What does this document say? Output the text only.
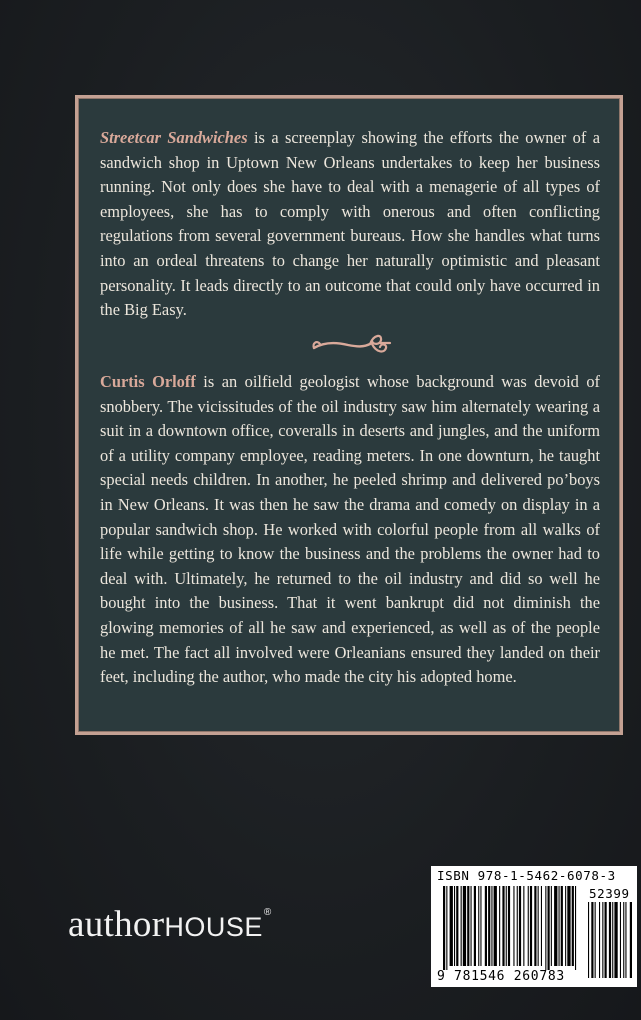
Streetcar Sandwiches is a screenplay showing the efforts the owner of a sandwich shop in Uptown New Orleans undertakes to keep her business running. Not only does she have to deal with a menagerie of all types of employees, she has to comply with onerous and often conflicting regulations from several government bureaus. How she handles what turns into an ordeal threatens to change her naturally optimistic and pleasant personality. It leads directly to an outcome that could only have occurred in the Big Easy.

Curtis Orloff is an oilfield geologist whose background was devoid of snobbery. The vicissitudes of the oil industry saw him alternately wearing a suit in a downtown office, coveralls in deserts and jungles, and the uniform of a utility company employee, reading meters. In one downturn, he taught special needs children. In another, he peeled shrimp and delivered po’boys in New Orleans. It was then he saw the drama and comedy on display in a popular sandwich shop. He worked with colorful people from all walks of life while getting to know the business and the problems the owner had to deal with. Ultimately, he returned to the oil industry and did so well he bought into the business. That it went bankrupt did not diminish the glowing memories of all he saw and experienced, as well as of the people he met. The fact all involved were Orleanians ensured they landed on their feet, including the author, who made the city his adopted home.

authorHOUSE®
ISBN 978-1-5462-6078-3
52399
9 781546 260783
